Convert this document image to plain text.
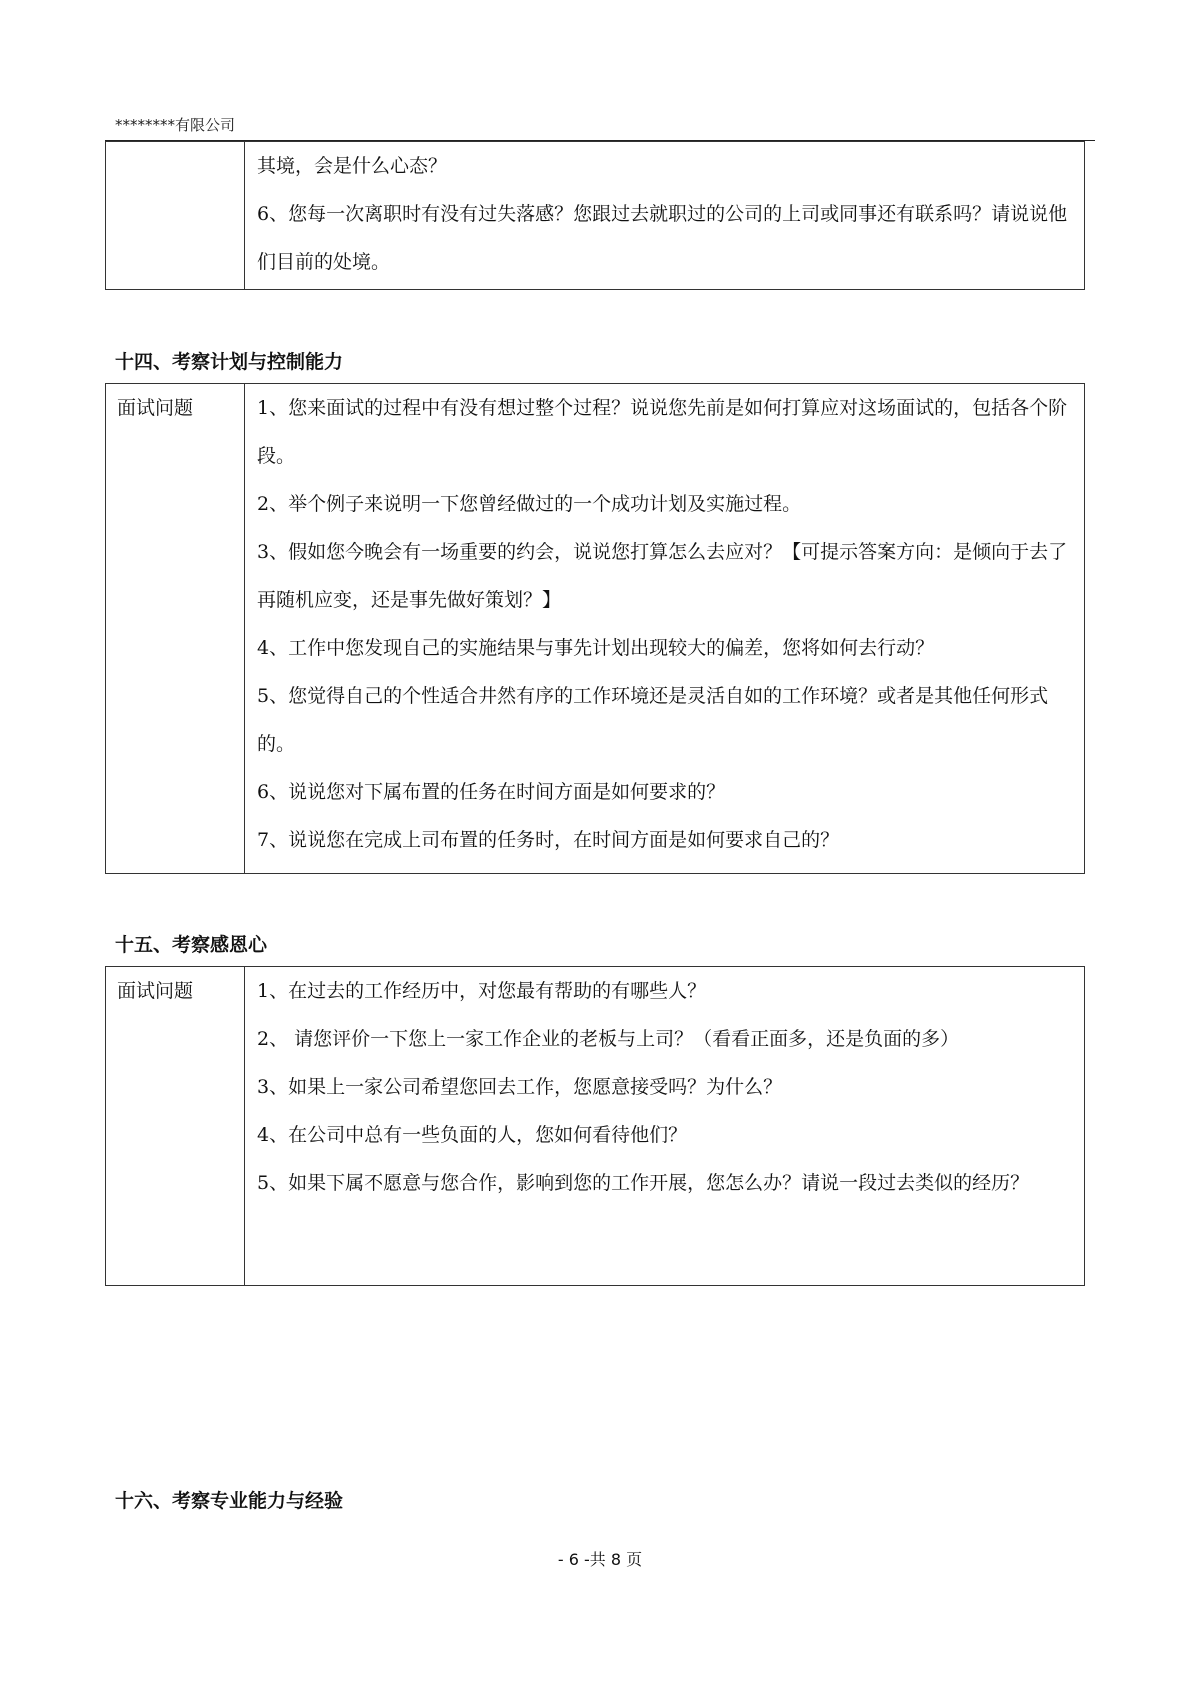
********有限公司

其境，会是什么心态？
6、您每一次离职时有没有过失落感？您跟过去就职过的公司的上司或同事还有联系吗？请说说他们目前的处境。
十四、考察计划与控制能力
面试问题	1、您来面试的过程中有没有想过整个过程？说说您先前是如何打算应对这场面试的，包括各个阶段。
2、举个例子来说明一下您曾经做过的一个成功计划及实施过程。
3、假如您今晚会有一场重要的约会，说说您打算怎么去应对？【可提示答案方向：是倾向于去了再随机应变，还是事先做好策划？】
4、工作中您发现自己的实施结果与事先计划出现较大的偏差，您将如何去行动？
5、您觉得自己的个性适合井然有序的工作环境还是灵活自如的工作环境？或者是其他任何形式的。
6、说说您对下属布置的任务在时间方面是如何要求的？
7、说说您在完成上司布置的任务时，在时间方面是如何要求自己的？
十五、考察感恩心
面试问题	1、在过去的工作经历中，对您最有帮助的有哪些人？
2、 请您评价一下您上一家工作企业的老板与上司？（看看正面多，还是负面的多）
3、如果上一家公司希望您回去工作，您愿意接受吗？为什么？
4、在公司中总有一些负面的人，您如何看待他们？
5、如果下属不愿意与您合作，影响到您的工作开展，您怎么办？请说一段过去类似的经历？
十六、考察专业能力与经验
- 6 -共 8 页
